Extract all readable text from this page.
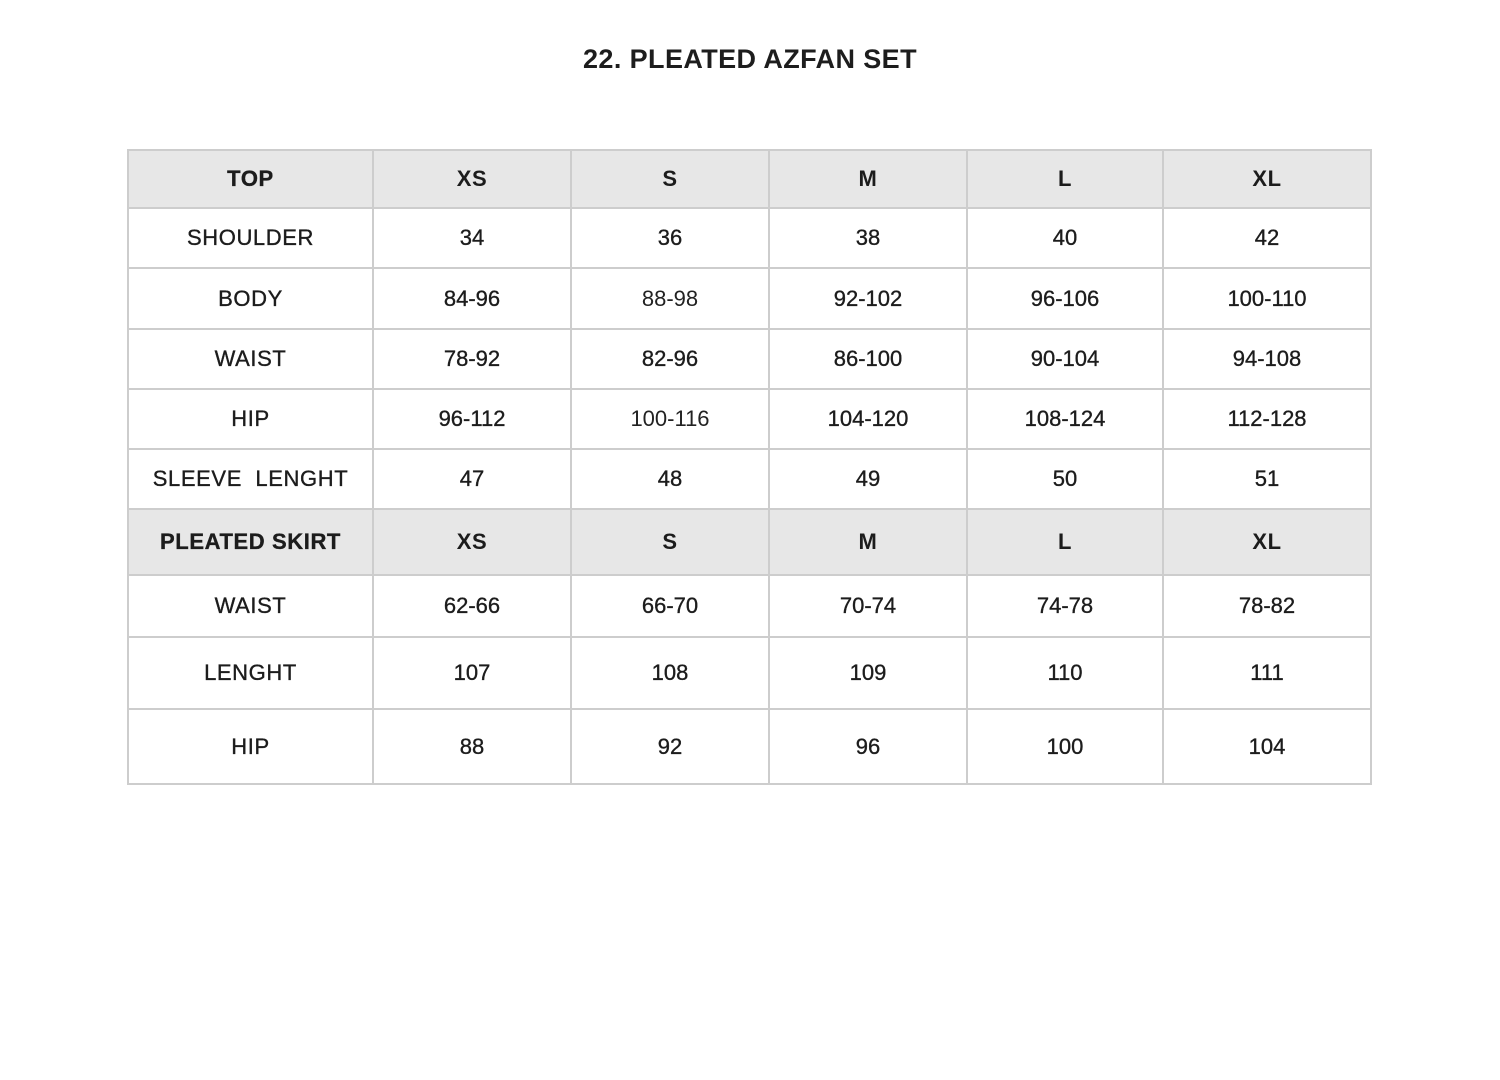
22. PLEATED AZFAN SET
TOP	XS	S	M	L	XL
SHOULDER	34	36	38	40	42
BODY	84-96	88-98	92-102	96-106	100-110
WAIST	78-92	82-96	86-100	90-104	94-108
HIP	96-112	100-116	104-120	108-124	112-128
SLEEVE  LENGHT	47	48	49	50	51
PLEATED SKIRT	XS	S	M	L	XL
WAIST	62-66	66-70	70-74	74-78	78-82
LENGHT	107	108	109	110	111
HIP	88	92	96	100	104
